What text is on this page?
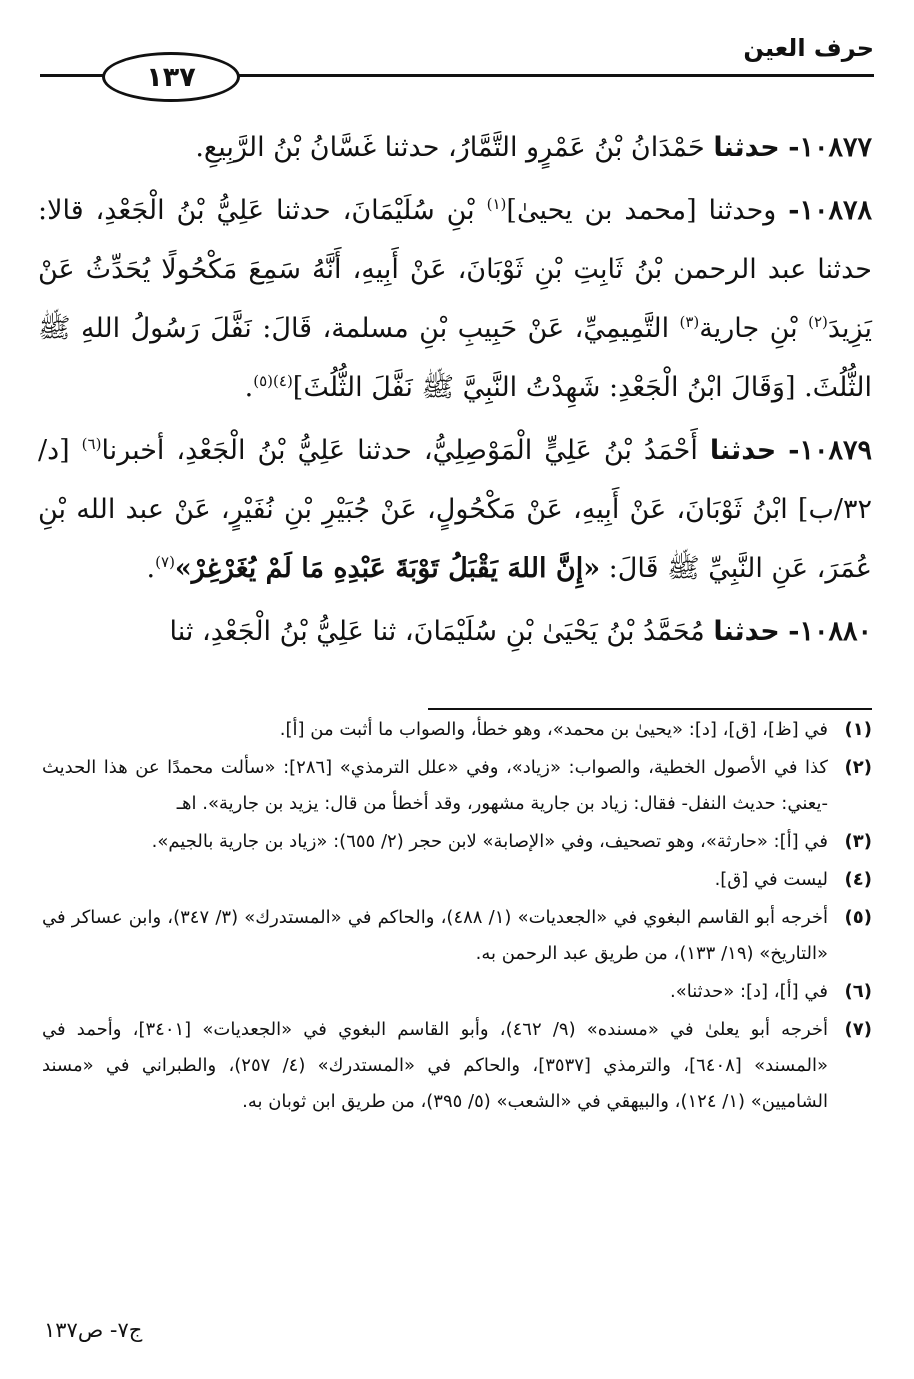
حرف العين
١٣٧

١٠٨٧٧- حدثنا حَمْدَانُ بْنُ عَمْرٍو التَّمَّارُ، حدثنا غَسَّانُ بْنُ الرَّبِيعِ.

١٠٨٧٨- وحدثنا [محمد بن يحيىٰ]$^{(١)}$ بْنِ سُلَيْمَانَ، حدثنا عَلِيُّ بْنُ الْجَعْدِ، قالا: حدثنا عبد الرحمن بْنُ ثَابِتِ بْنِ ثَوْبَانَ، عَنْ أَبِيهِ، أَنَّهُ سَمِعَ مَكْحُولًا يُحَدِّثُ عَنْ يَزِيدَ$^{(٢)}$ بْنِ جارية$^{(٣)}$ التَّمِيمِيِّ، عَنْ حَبِيبِ بْنِ مسلمة، قَالَ: نَفَّلَ رَسُولُ اللهِ ﷺ الثُّلُثَ. [وَقَالَ ابْنُ الْجَعْدِ: شَهِدْتُ النَّبِيَّ ﷺ نَفَّلَ الثُّلُثَ]$^{(٤)(٥)}$.

١٠٨٧٩- حدثنا أَحْمَدُ بْنُ عَلِيٍّ الْمَوْصِلِيُّ، حدثنا عَلِيُّ بْنُ الْجَعْدِ، أخبرنا$^{(٦)}$ [د/ ٣٢/ب] ابْنُ ثَوْبَانَ، عَنْ أَبِيهِ، عَنْ مَكْحُولٍ، عَنْ جُبَيْرِ بْنِ نُفَيْرٍ، عَنْ عبد الله بْنِ عُمَرَ، عَنِ النَّبِيِّ ﷺ قَالَ: «إِنَّ اللهَ يَقْبَلُ تَوْبَةَ عَبْدِهِ مَا لَمْ يُغَرْغِرْ»$^{(٧)}$.

١٠٨٨٠- حدثنا مُحَمَّدُ بْنُ يَحْيَىٰ بْنِ سُلَيْمَانَ، ثنا عَلِيُّ بْنُ الْجَعْدِ، ثنا

(١)
في [ظ]، [ق]، [د]: «يحيىٰ بن محمد»، وهو خطأ، والصواب ما أثبت من [أ].
(٢)
كذا في الأصول الخطية، والصواب: «زياد»، وفي «علل الترمذي» [٢٨٦]: «سألت محمدًا عن هذا الحديث -يعني: حديث النفل- فقال: زياد بن جارية مشهور، وقد أخطأ من قال: يزيد بن جارية». اهـ
(٣)
في [أ]: «حارثة»، وهو تصحيف، وفي «الإصابة» لابن حجر (٢/ ٦٥٥): «زياد بن جارية بالجيم».
(٤)
ليست في [ق].
(٥)
أخرجه أبو القاسم البغوي في «الجعديات» (١/ ٤٨٨)، والحاكم في «المستدرك» (٣/ ٣٤٧)، وابن عساكر في «التاريخ» (١٩/ ١٣٣)، من طريق عبد الرحمن به.
(٦)
في [أ]، [د]: «حدثنا».
(٧)
أخرجه أبو يعلىٰ في «مسنده» (٩/ ٤٦٢)، وأبو القاسم البغوي في «الجعديات» [٣٤٠١]، وأحمد في «المسند» [٦٤٠٨]، والترمذي [٣٥٣٧]، والحاكم في «المستدرك» (٤/ ٢٥٧)، والطبراني في «مسند الشاميين» (١/ ١٢٤)، والبيهقي في «الشعب» (٥/ ٣٩٥)، من طريق ابن ثوبان به.
ج٧- ص١٣٧
